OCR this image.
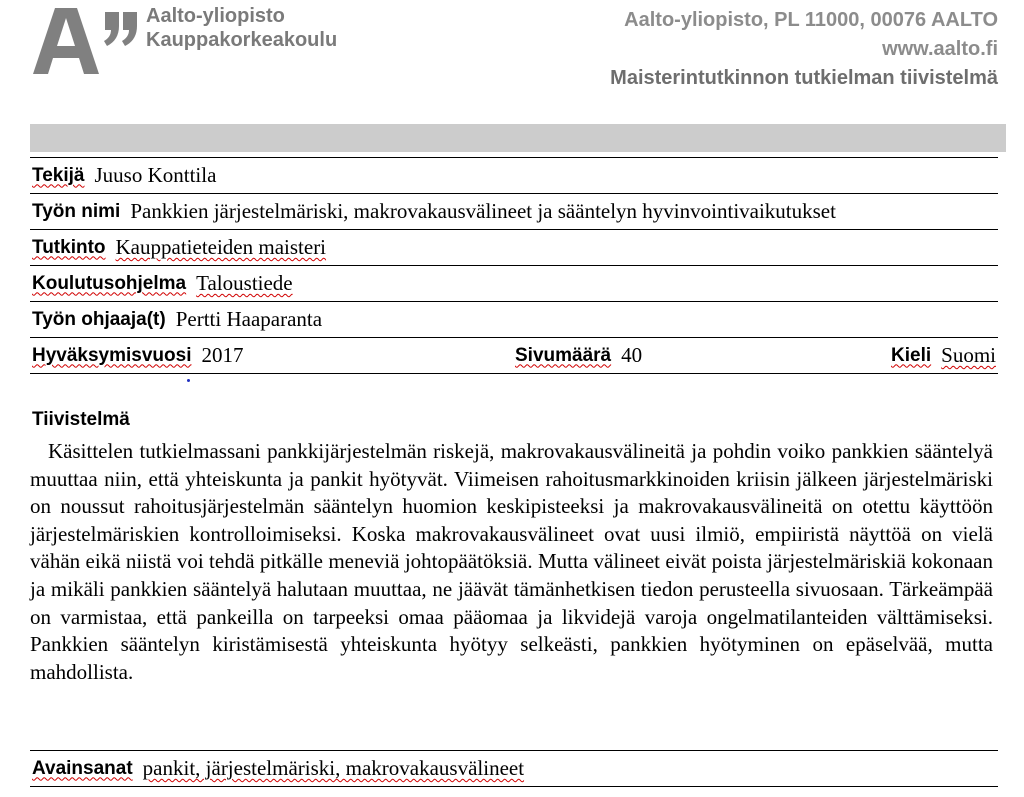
Aalto-yliopisto
Kauppakorkeakoulu
Aalto-yliopisto, PL 11000, 00076 AALTO
www.aalto.fi
Maisterintutkinnon tutkielman tiivistelmä
Tekijä Juuso Konttila
Työn nimi Pankkien järjestelmäriski, makrovakausvälineet ja sääntelyn hyvinvointivaikutukset
Tutkinto Kauppatieteiden maisteri
Koulutusohjelma Taloustiede
Työn ohjaaja(t) Pertti Haaparanta
Hyväksymisvuosi 2017	Sivumäärä 40	Kieli Suomi
Tiivistelmä
Käsittelen tutkielmassani pankkijärjestelmän riskejä, makrovakausvälineitä ja pohdin voiko pankkien sääntelyä muuttaa niin, että yhteiskunta ja pankit hyötyvät. Viimeisen rahoitusmarkkinoiden kriisin jälkeen järjestelmäriski on noussut rahoitusjärjestelmän sääntelyn huomion keskipisteeksi ja makrovakausvälineitä on otettu käyttöön järjestelmäriskien kontrolloimiseksi. Koska makrovakausvälineet ovat uusi ilmiö, empiiristä näyttöä on vielä vähän eikä niistä voi tehdä pitkälle meneviä johtopäätöksiä. Mutta välineet eivät poista järjestelmäriskiä kokonaan ja mikäli pankkien sääntelyä halutaan muuttaa, ne jäävät tämänhetkisen tiedon perusteella sivuosaan. Tärkeämpää on varmistaa, että pankeilla on tarpeeksi omaa pääomaa ja likvidejä varoja ongelmatilanteiden välttämiseksi. Pankkien sääntelyn kiristämisestä yhteiskunta hyötyy selkeästi, pankkien hyötyminen on epäselvää, mutta mahdollista.
Avainsanat pankit, järjestelmäriski, makrovakausvälineet
